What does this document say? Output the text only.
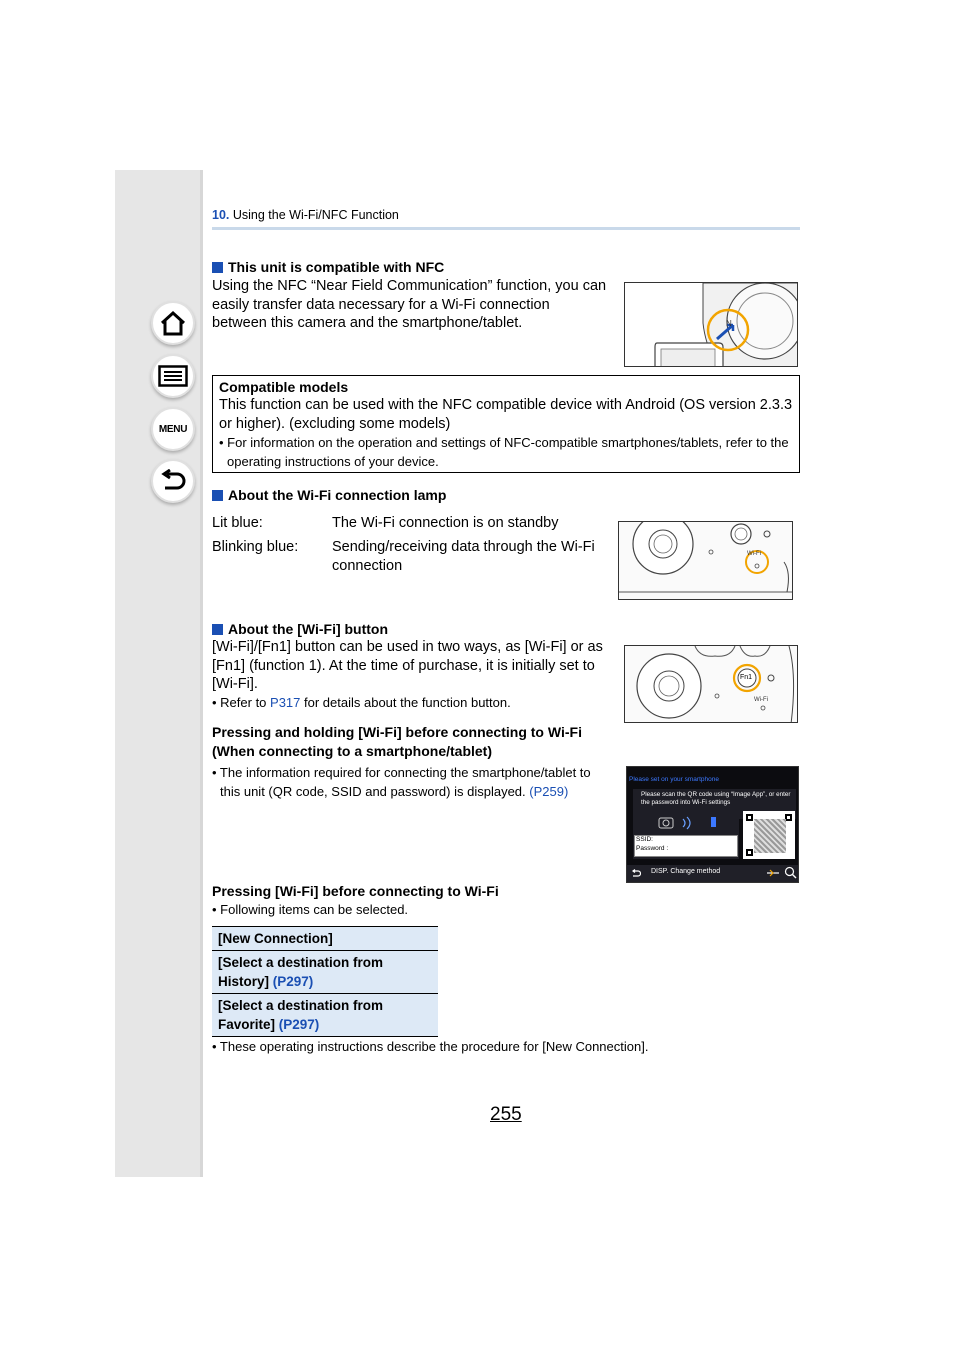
MENU
10. Using the Wi-Fi/NFC Function
This unit is compatible with NFC
Using the NFC “Near Field Communication” function, you can easily transfer data necessary for a Wi-Fi connection between this camera and the smartphone/tablet.	N
Compatible models
This function can be used with the NFC compatible device with Android (OS version 2.3.3 or higher). (excluding some models)
• For information on the operation and settings of NFC-compatible smartphones/tablets, refer to the operating instructions of your device.
About the Wi-Fi connection lamp
Lit blue:	The Wi-Fi connection is on standby
Blinking blue: Sending/receiving data through the Wi-Fi connection
Wi-Fi
About the [Wi-Fi] button
[Wi-Fi]/[Fn1] button can be used in two ways, as [Wi-Fi] or as [Fn1] (function 1). At the time of purchase, it is initially set to [Wi-Fi].
• Refer to P317 for details about the function button.
Fn1
Wi-Fi
Pressing and holding [Wi-Fi] before connecting to Wi-Fi (When connecting to a smartphone/tablet)
• The information required for connecting the smartphone/tablet to this unit (QR code, SSID and password) is displayed. (P259)
Please set on your smartphone
Please scan the QR code using “Image App”, or enter the password into Wi-Fi settings
SSID:
Password :
DISP. Change method
Pressing [Wi-Fi] before connecting to Wi-Fi
• Following items can be selected.
[New Connection]
[Select a destination from History] (P297)
[Select a destination from Favorite] (P297)
• These operating instructions describe the procedure for [New Connection].
255
